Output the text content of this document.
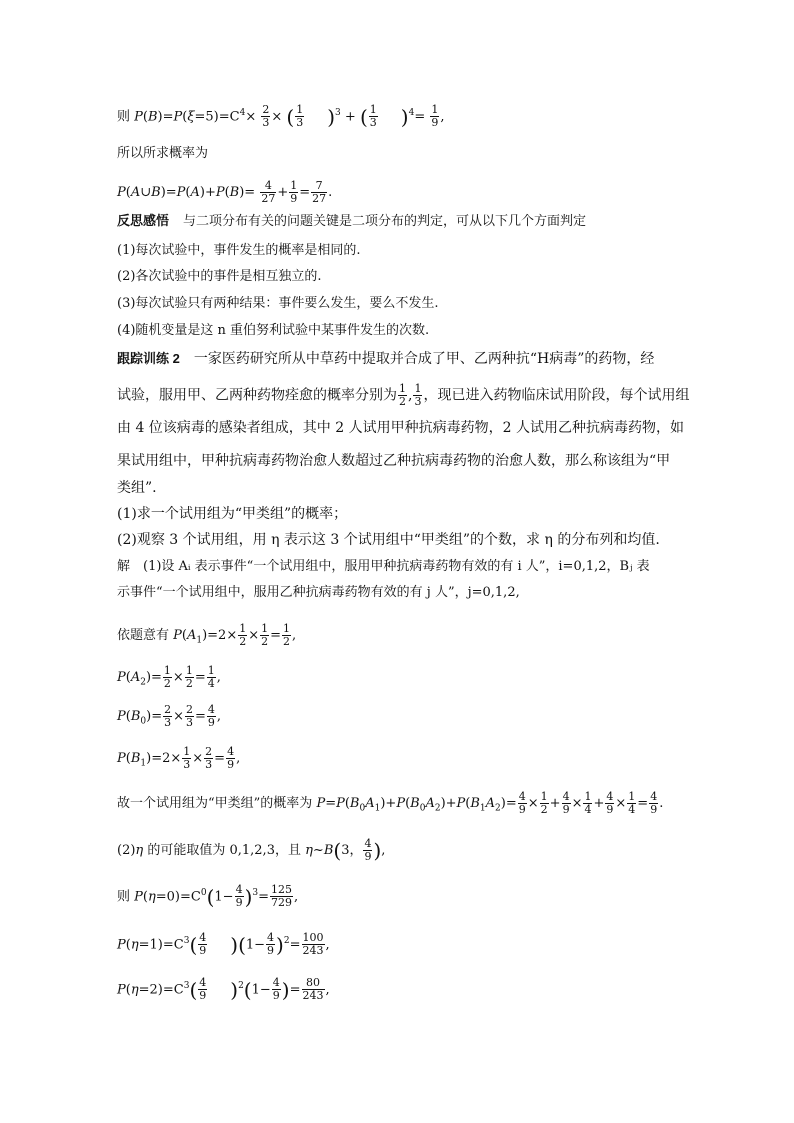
则 $P(B)=P(\xi=5)=C^4\times \frac{2}{3}$ × ( $\frac{1}{3} )^3$ + ( $\frac{1}{3} )^4= \frac{1}{9}$ ,
所以所求概率为
P(A∪B)=P(A)+P(B)= $\frac{4}{27} + \frac{1}{9} = \frac{7}{27}$ .
反思感悟 与二项分布有关的问题关键是二项分布的判定，可从以下几个方面判定
(1)每次试验中，事件发生的概率是相同的.
(2)各次试验中的事件是相互独立的.
(3)每次试验只有两种结果：事件要么发生，要么不发生.
(4)随机变量是这 n 重伯努利试验中某事件发生的次数.
跟踪训练 2 一家医药研究所从中草药中提取并合成了甲、乙两种抗“H病毒”的药物，经
试验，服用甲、乙两种药物痊愈的概率分别为 $\frac{1}{2}$ , $\frac{1}{3}$ ，现已进入药物临床试用阶段，每个试用组
由 4 位该病毒的感染者组成，其中 2 人试用甲种抗病毒药物，2 人试用乙种抗病毒药物，如
果试用组中，甲种抗病毒药物治愈人数超过乙种抗病毒药物的治愈人数，那么称该组为“甲
类组”.
(1)求一个试用组为“甲类组”的概率；
(2)观察 3 个试用组，用 η 表示这 3 个试用组中“甲类组”的个数，求 η 的分布列和均值.
解　(1)设 Aᵢ 表示事件“一个试用组中，服用甲种抗病毒药物有效的有 i 人”，i=0,1,2，Bⱼ 表
示事件“一个试用组中，服用乙种抗病毒药物有效的有 j 人”，j=0,1,2,
依题意有 $P(A_1)=2\times \frac{1}{2} \times \frac{1}{2} = \frac{1}{2}$ ,
$P(A_2)= \frac{1}{2} \times \frac{1}{2} = \frac{1}{4}$ ,
$P(B_0)= \frac{2}{3} \times \frac{2}{3} = \frac{4}{9}$ ,
$P(B_1)=2\times \frac{1}{3} \times \frac{2}{3} = \frac{4}{9}$ ,
故一个试用组为“甲类组”的概率为 $P=P(B_0A_1)+P(B_0A_2)+P(B_1A_2)= \frac{4}{9} \times \frac{1}{2} + \frac{4}{9} \times \frac{1}{4} + \frac{4}{9} \times \frac{1}{4} = \frac{4}{9}$ .
(2)η 的可能取值为 0,1,2,3，且 η~B(3， $\frac{4}{9}$ ),
则 $P(\eta=0)=C^0(1- \frac{4}{9} )^3= \frac{125}{729}$ ,
$P(\eta=1)=C^3( \frac{4}{9} )(1- \frac{4}{9} )^2= \frac{100}{243}$ ,
$P(\eta=2)=C^3( \frac{4}{9} )^2(1- \frac{4}{9}$ )= $\frac{80}{243}$ ,
